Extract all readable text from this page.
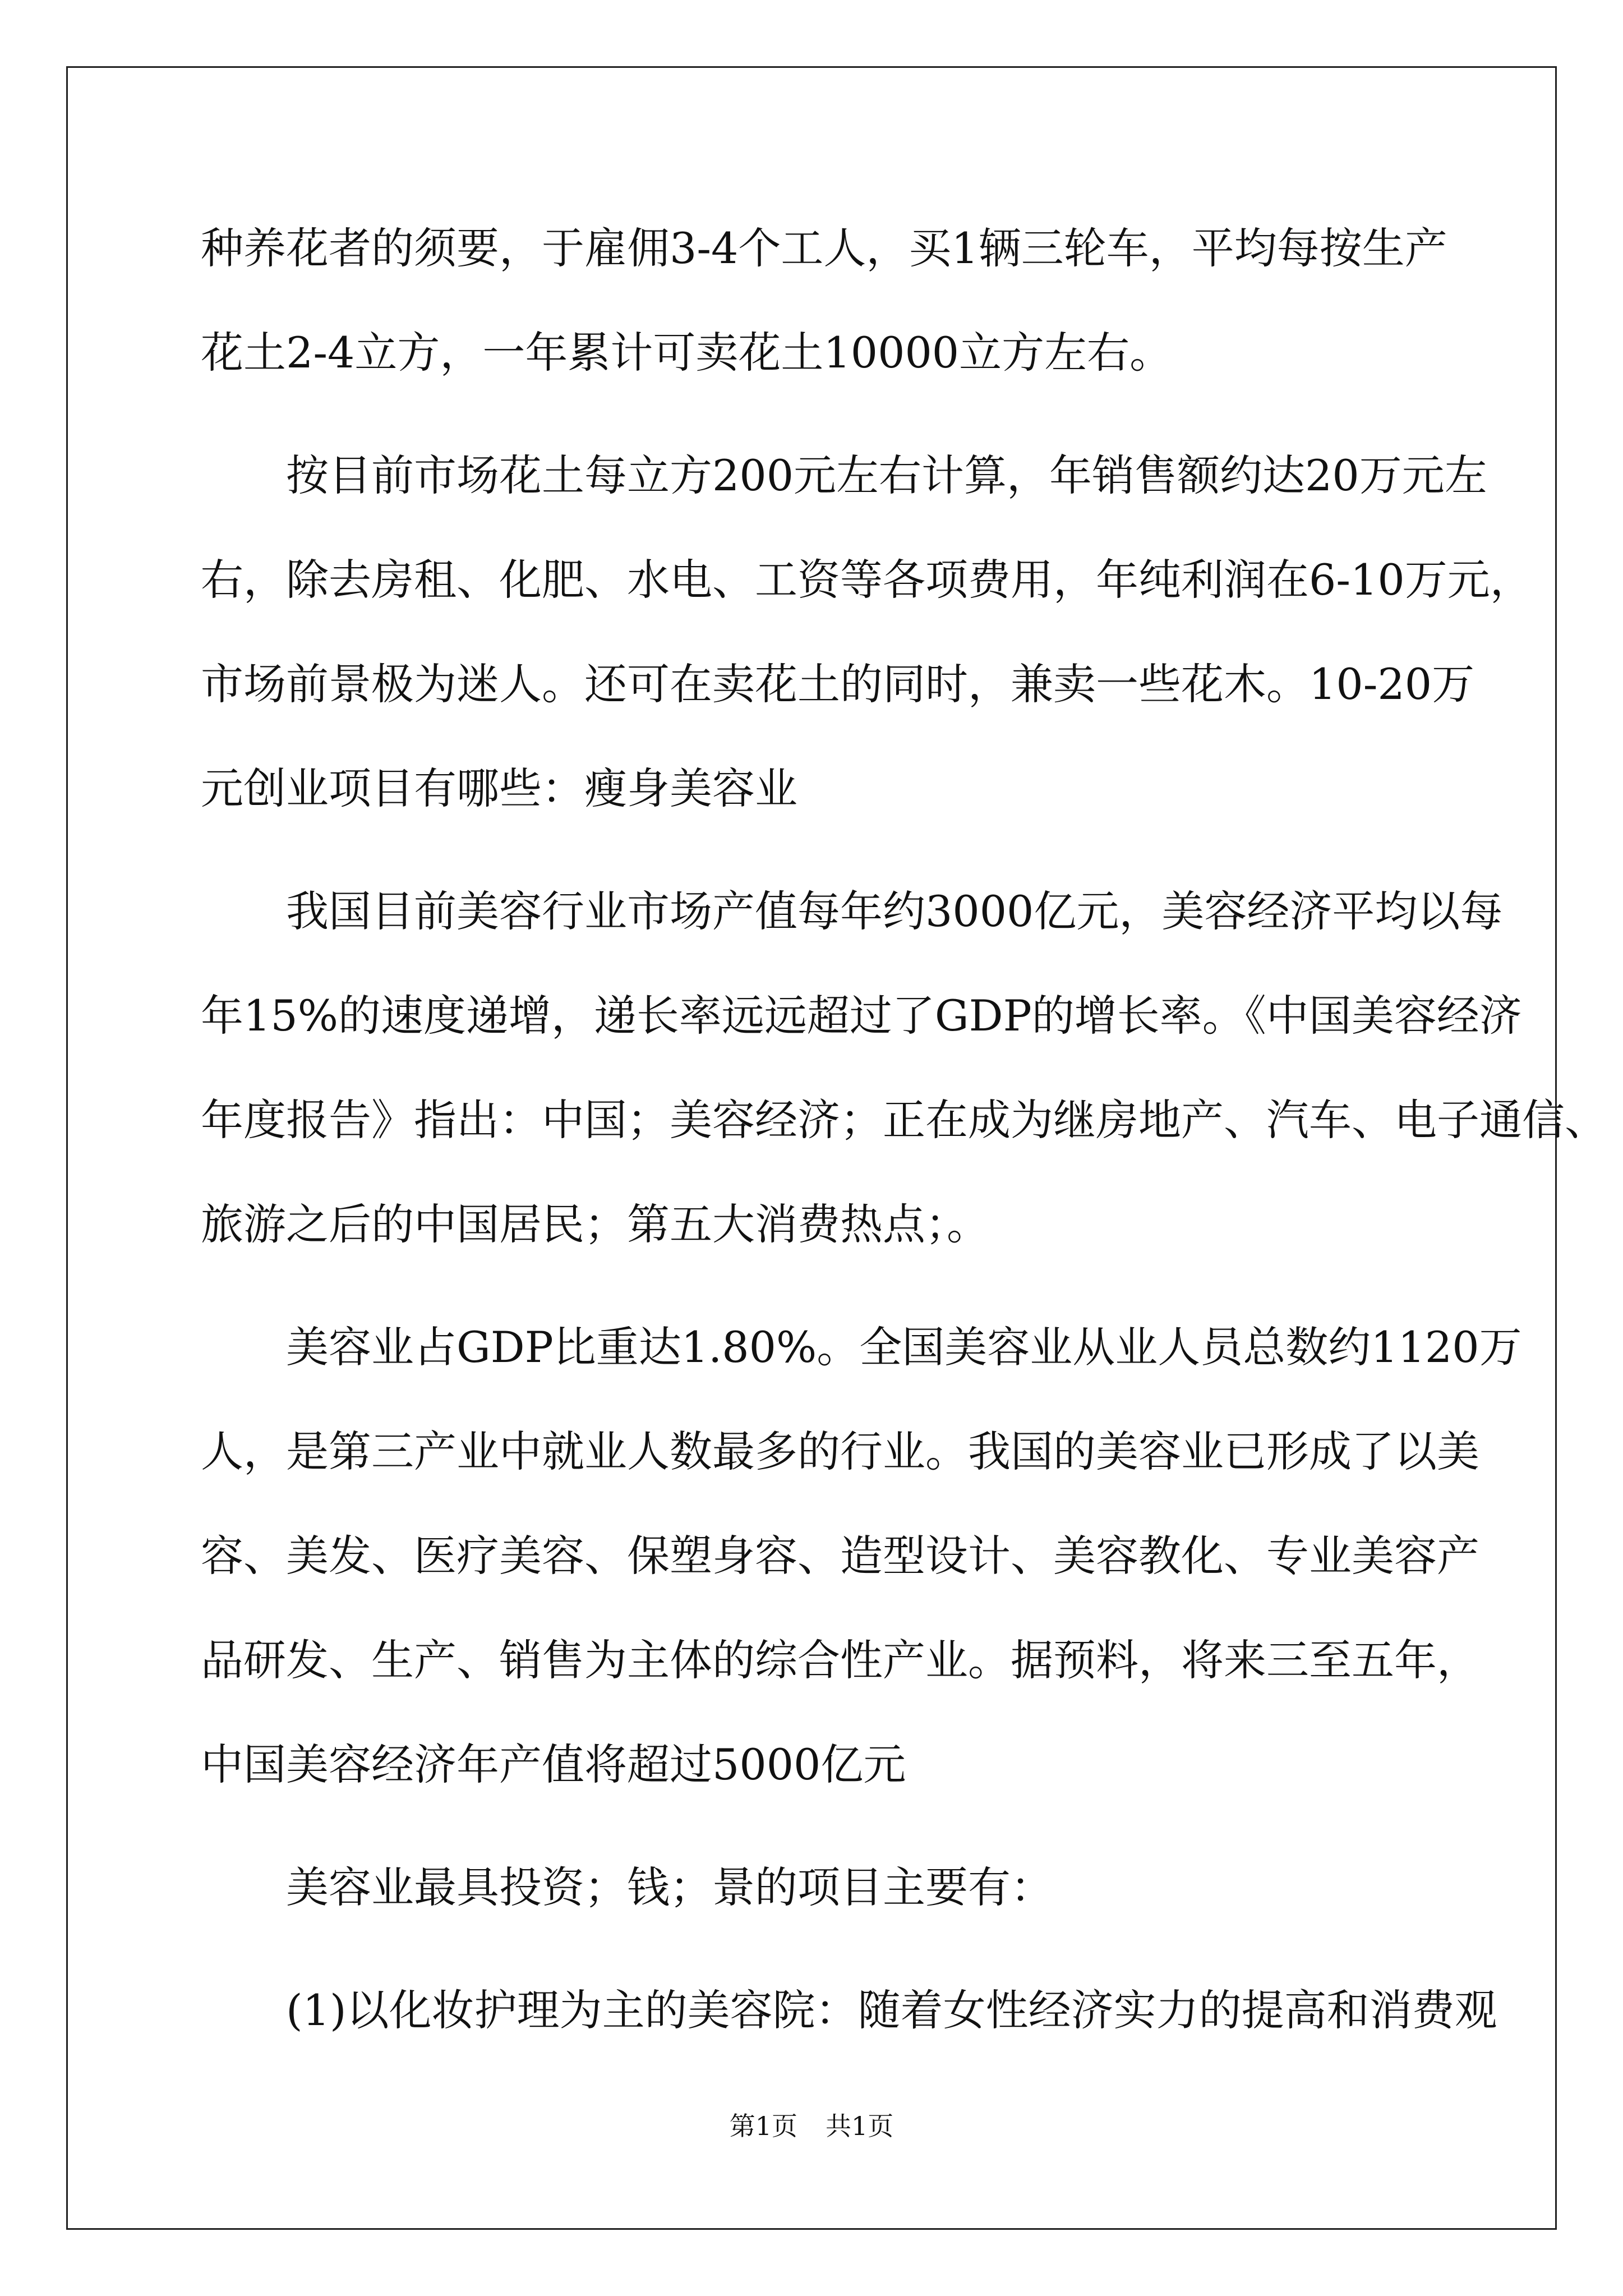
种养花者的须要，于雇佣3-4个工人，买1辆三轮车，平均每按生产
花土2-4立方，一年累计可卖花土10000立方左右。
　　按目前市场花土每立方200元左右计算，年销售额约达20万元左
右，除去房租、化肥、水电、工资等各项费用，年纯利润在6-10万元，
市场前景极为迷人。还可在卖花土的同时，兼卖一些花木。10-20万
元创业项目有哪些：瘦身美容业
　　我国目前美容行业市场产值每年约3000亿元，美容经济平均以每
年15%的速度递增，递长率远远超过了GDP的增长率。《中国美容经济
年度报告》指出：中国；美容经济；正在成为继房地产、汽车、电子通信、
旅游之后的中国居民；第五大消费热点；。
　　美容业占GDP比重达1.80%。全国美容业从业人员总数约1120万
人，是第三产业中就业人数最多的行业。我国的美容业已形成了以美
容、美发、医疗美容、保塑身容、造型设计、美容教化、专业美容产
品研发、生产、销售为主体的综合性产业。据预料，将来三至五年，
中国美容经济年产值将超过5000亿元
　　美容业最具投资；钱；景的项目主要有：
　　(1)以化妆护理为主的美容院：随着女性经济实力的提高和消费观
第1页 共1页
